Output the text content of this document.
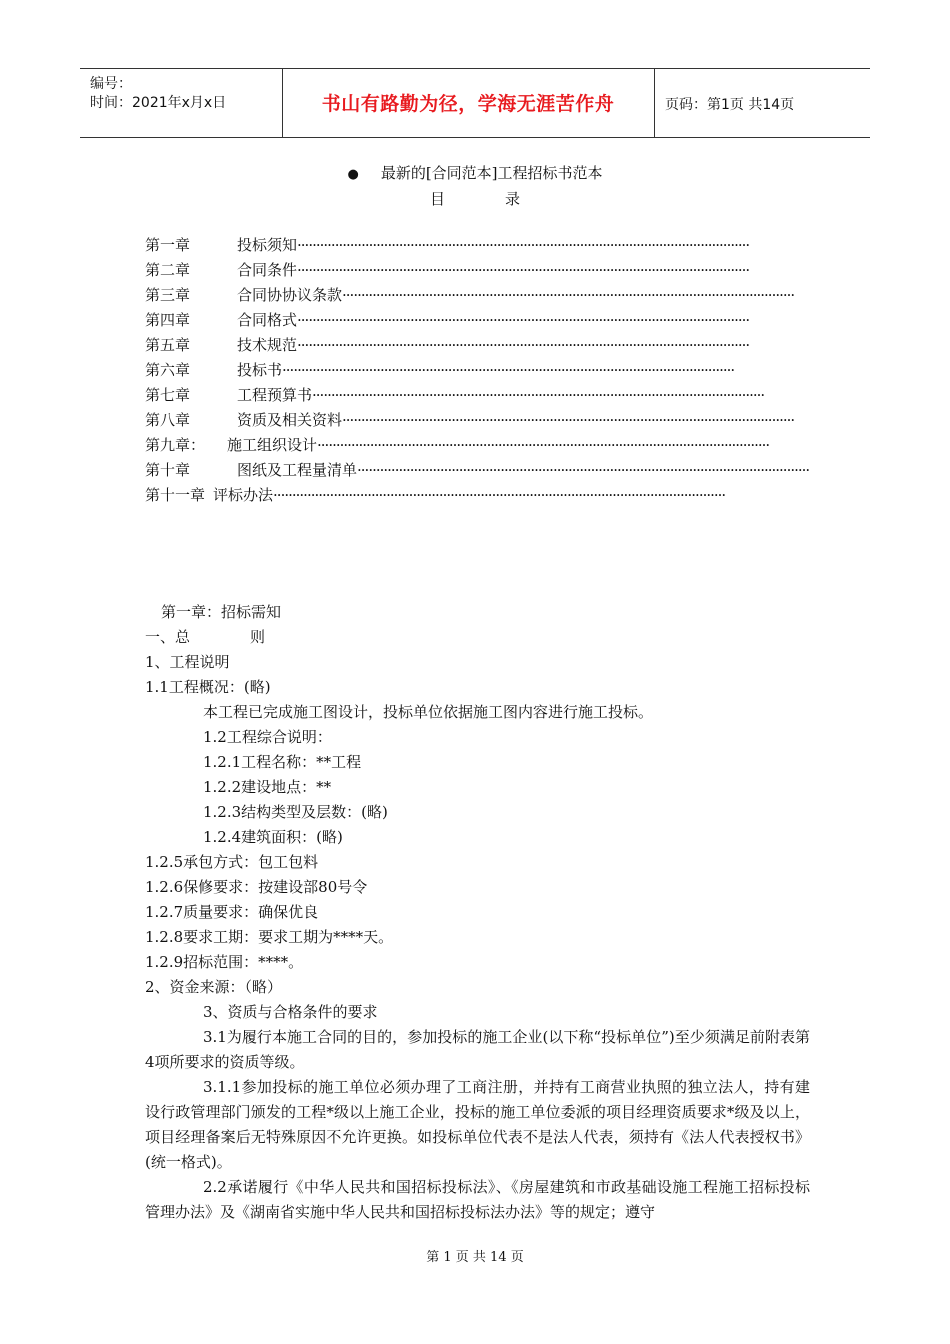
编号：
时间：2021年x月x日	书山有路勤为径，学海无涯苦作舟	页码：第1页 共14页
● 最新的[合同范本]工程招标书范本
目	录
第一章	投标须知························································································································
第二章	合同条件························································································································
第三章	合同协协议条款························································································································
第四章	合同格式························································································································
第五章	技术规范························································································································
第六章	投标书························································································································
第七章	工程预算书························································································································
第八章	资质及相关资料························································································································
第九章： 施工组织设计························································································································
第十章	图纸及工程量清单························································································································
第十一章 评标办法························································································································

第一章：招标需知

一、总	则

1、工程说明

1.1工程概况：(略)

本工程已完成施工图设计，投标单位依据施工图内容进行施工投标。

1.2工程综合说明：

1.2.1工程名称：**工程

1.2.2建设地点：**

1.2.3结构类型及层数：(略)

1.2.4建筑面积：(略)

1.2.5承包方式：包工包料

1.2.6保修要求：按建设部80号令

1.2.7质量要求：确保优良

1.2.8要求工期：要求工期为****天。

1.2.9招标范围：****。

2、资金来源：（略）

3、资质与合格条件的要求

3.1为履行本施工合同的目的，参加投标的施工企业(以下称“投标单位”)至少须满足前附表第4项所要求的资质等级。

3.1.1参加投标的施工单位必须办理了工商注册，并持有工商营业执照的独立法人，持有建设行政管理部门颁发的工程*级以上施工企业，投标的施工单位委派的项目经理资质要求*级及以上，项目经理备案后无特殊原因不允许更换。如投标单位代表不是法人代表，须持有《法人代表授权书》(统一格式)。

2.2承诺履行《中华人民共和国招标投标法》、《房屋建筑和市政基础设施工程施工招标投标管理办法》及《湖南省实施中华人民共和国招标投标法办法》等的规定；遵守

第 1 页 共 14 页
